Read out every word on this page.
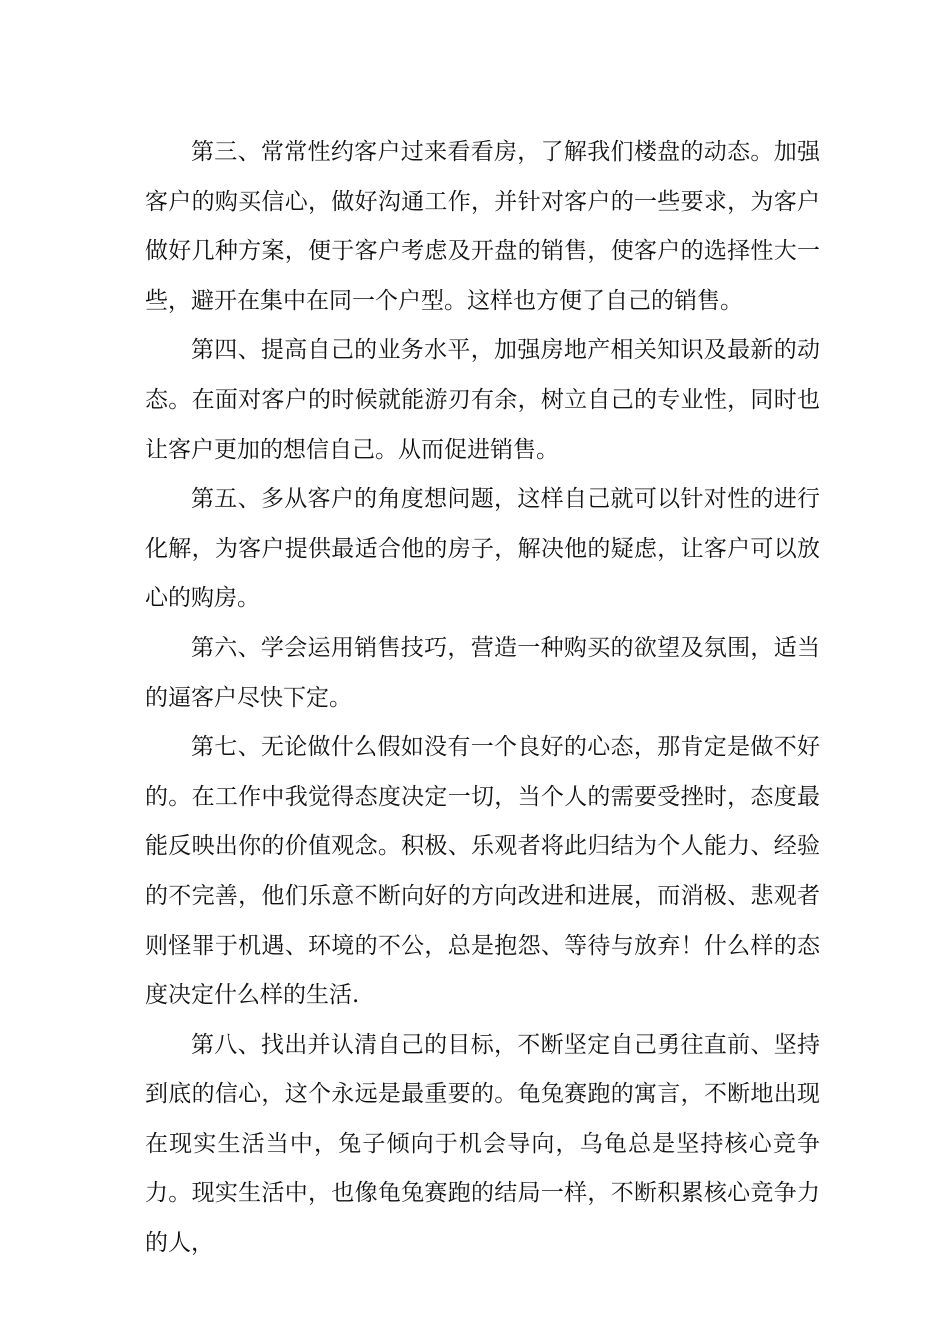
第三、常常性约客户过来看看房，了解我们楼盘的动态。加强客户的购买信心，做好沟通工作，并针对客户的一些要求，为客户做好几种方案，便于客户考虑及开盘的销售，使客户的选择性大一些，避开在集中在同一个户型。这样也方便了自己的销售。

第四、提高自己的业务水平，加强房地产相关知识及最新的动态。在面对客户的时候就能游刃有余，树立自己的专业性，同时也让客户更加的想信自己。从而促进销售。

第五、多从客户的角度想问题，这样自己就可以针对性的进行化解，为客户提供最适合他的房子，解决他的疑虑，让客户可以放心的购房。

第六、学会运用销售技巧，营造一种购买的欲望及氛围，适当的逼客户尽快下定。

第七、无论做什么假如没有一个良好的心态，那肯定是做不好的。在工作中我觉得态度决定一切，当个人的需要受挫时，态度最能反映出你的价值观念。积极、乐观者将此归结为个人能力、经验的不完善，他们乐意不断向好的方向改进和进展，而消极、悲观者则怪罪于机遇、环境的不公，总是抱怨、等待与放弃！什么样的态度决定什么样的生活.

第八、找出并认清自己的目标，不断坚定自己勇往直前、坚持到底的信心，这个永远是最重要的。龟兔赛跑的寓言，不断地出现在现实生活当中，兔子倾向于机会导向，乌龟总是坚持核心竞争力。现实生活中，也像龟兔赛跑的结局一样，不断积累核心竞争力的人，
